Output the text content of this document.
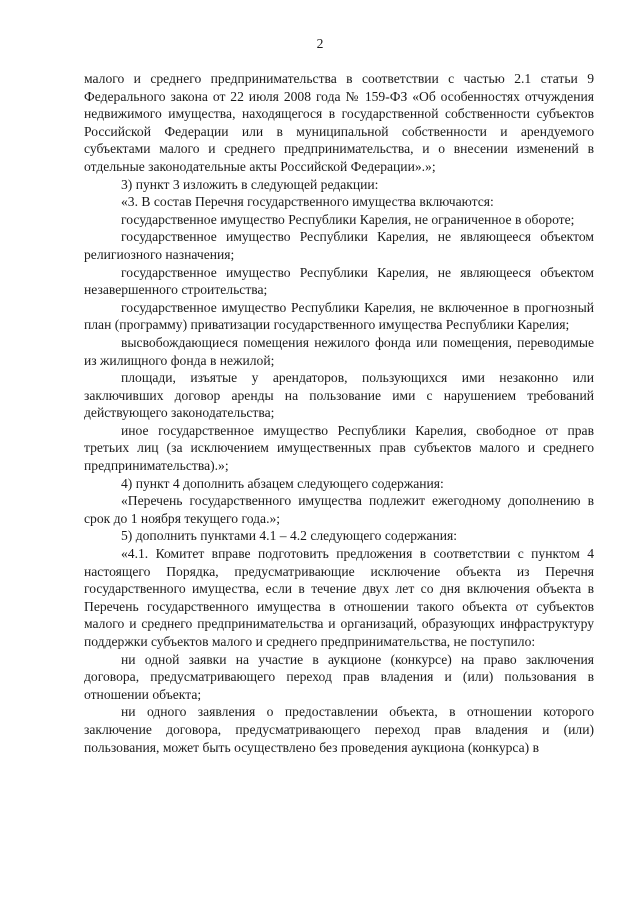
2

малого и среднего предпринимательства в соответствии с частью 2.1 статьи 9 Федерального закона от 22 июля 2008 года № 159-ФЗ «Об особенностях отчуждения недвижимого имущества, находящегося в государственной собственности субъектов Российской Федерации или в муниципальной собственности и арендуемого субъектами малого и среднего предпринимательства, и о внесении изменений в отдельные законодательные акты Российской Федерации».»;

3) пункт 3 изложить в следующей редакции:

«3. В состав Перечня государственного имущества включаются:

государственное имущество Республики Карелия, не ограниченное в обороте;

государственное имущество Республики Карелия, не являющееся объектом религиозного назначения;

государственное имущество Республики Карелия, не являющееся объектом незавершенного строительства;

государственное имущество Республики Карелия, не включенное в прогнозный план (программу) приватизации государственного имущества Республики Карелия;

высвобождающиеся помещения нежилого фонда или помещения, переводимые из жилищного фонда в нежилой;

площади, изъятые у арендаторов, пользующихся ими незаконно или заключивших договор аренды на пользование ими с нарушением требований действующего законодательства;

иное государственное имущество Республики Карелия, свободное от прав третьих лиц (за исключением имущественных прав субъектов малого и среднего предпринимательства).»;

4) пункт 4 дополнить абзацем следующего содержания:

«Перечень государственного имущества подлежит ежегодному дополнению в срок до 1 ноября текущего года.»;

5) дополнить пунктами 4.1 – 4.2 следующего содержания:

«4.1. Комитет вправе подготовить предложения в соответствии с пунктом 4 настоящего Порядка, предусматривающие исключение объекта из Перечня государственного имущества, если в течение двух лет со дня включения объекта в Перечень государственного имущества в отношении такого объекта от субъектов малого и среднего предпринимательства и организаций, образующих инфраструктуру поддержки субъектов малого и среднего предпринимательства, не поступило:

ни одной заявки на участие в аукционе (конкурсе) на право заключения договора, предусматривающего переход прав владения и (или) пользования в отношении объекта;

ни одного заявления о предоставлении объекта, в отношении которого заключение договора, предусматривающего переход прав владения и (или) пользования, может быть осуществлено без проведения аукциона (конкурса) в
